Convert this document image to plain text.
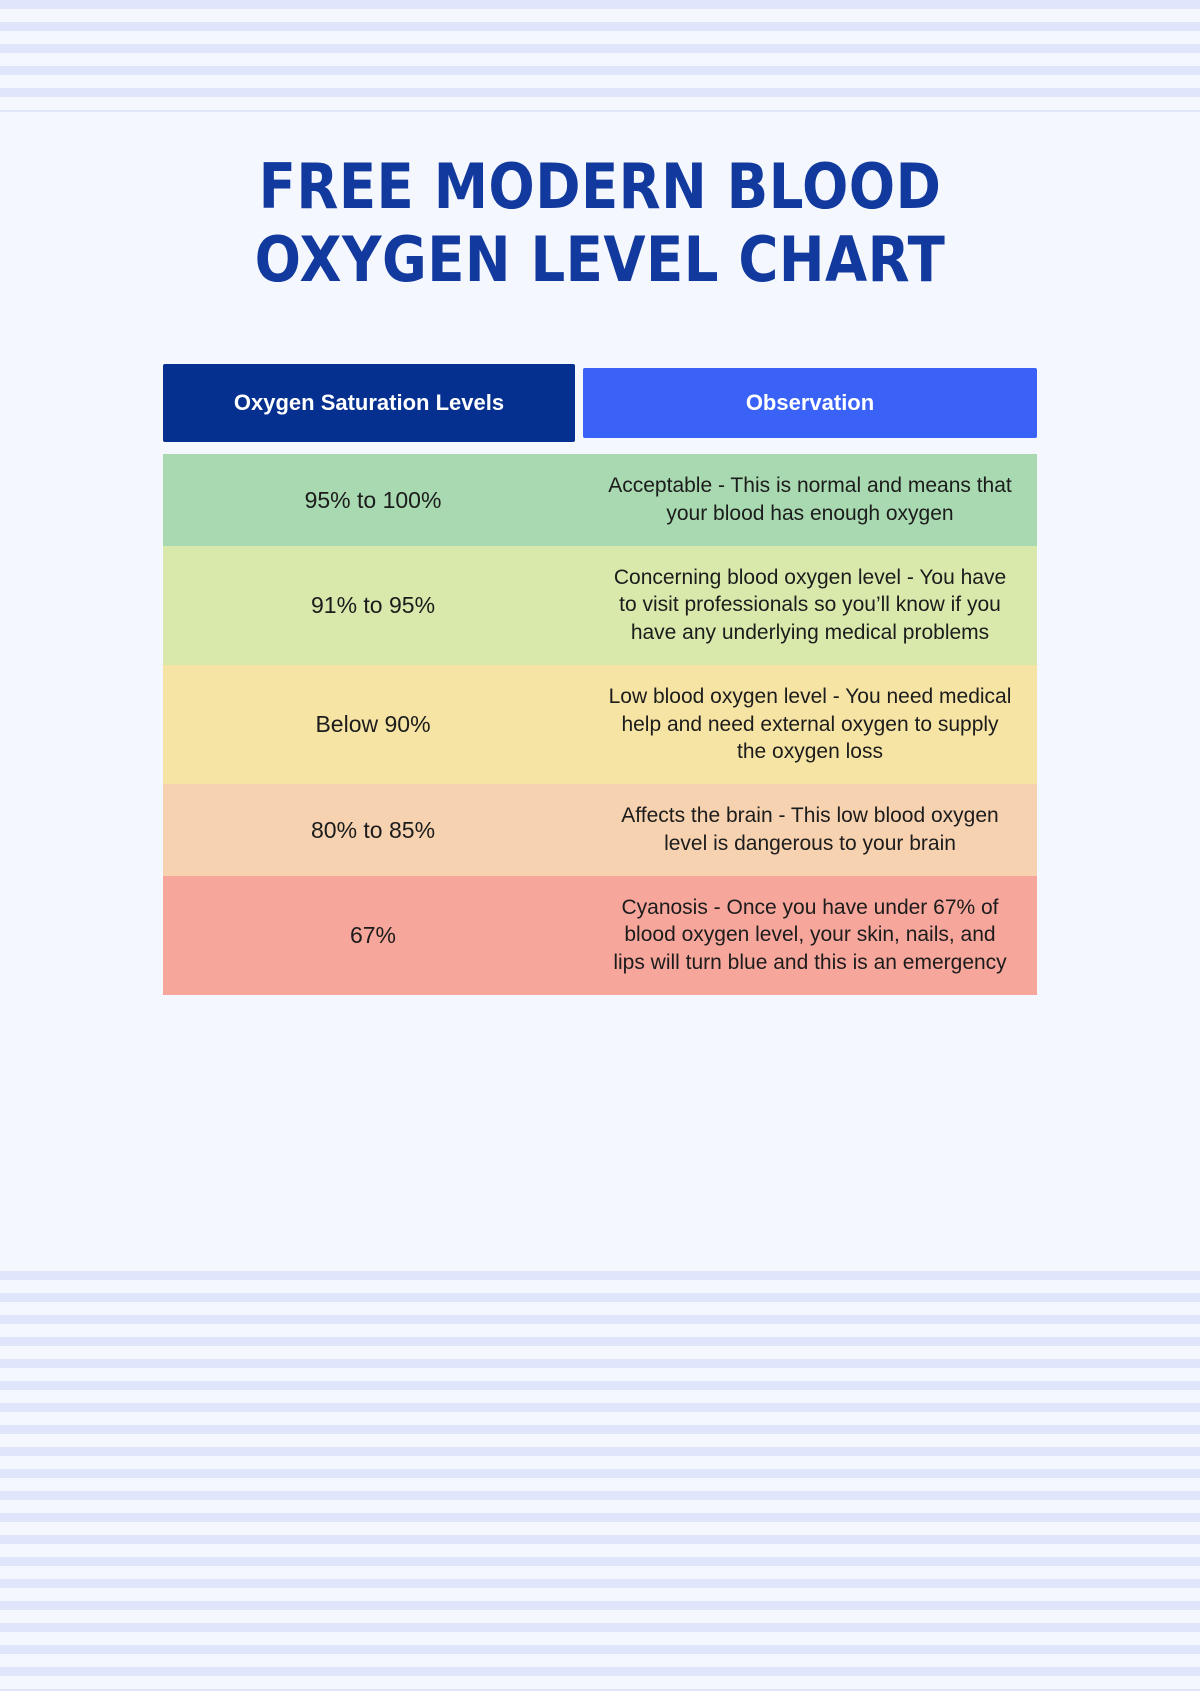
FREE MODERN BLOOD OXYGEN LEVEL CHART
Oxygen Saturation Levels	Observation
95% to 100%
Acceptable - This is normal and means that your blood has enough oxygen
91% to 95%
Concerning blood oxygen level - You have to visit professionals so you’ll know if you have any underlying medical problems
Below 90%
Low blood oxygen level - You need medical help and need external oxygen to supply the oxygen loss
80% to 85%
Affects the brain - This low blood oxygen level is dangerous to your brain
67%
Cyanosis - Once you have under 67% of blood oxygen level, your skin, nails, and lips will turn blue and this is an emergency
